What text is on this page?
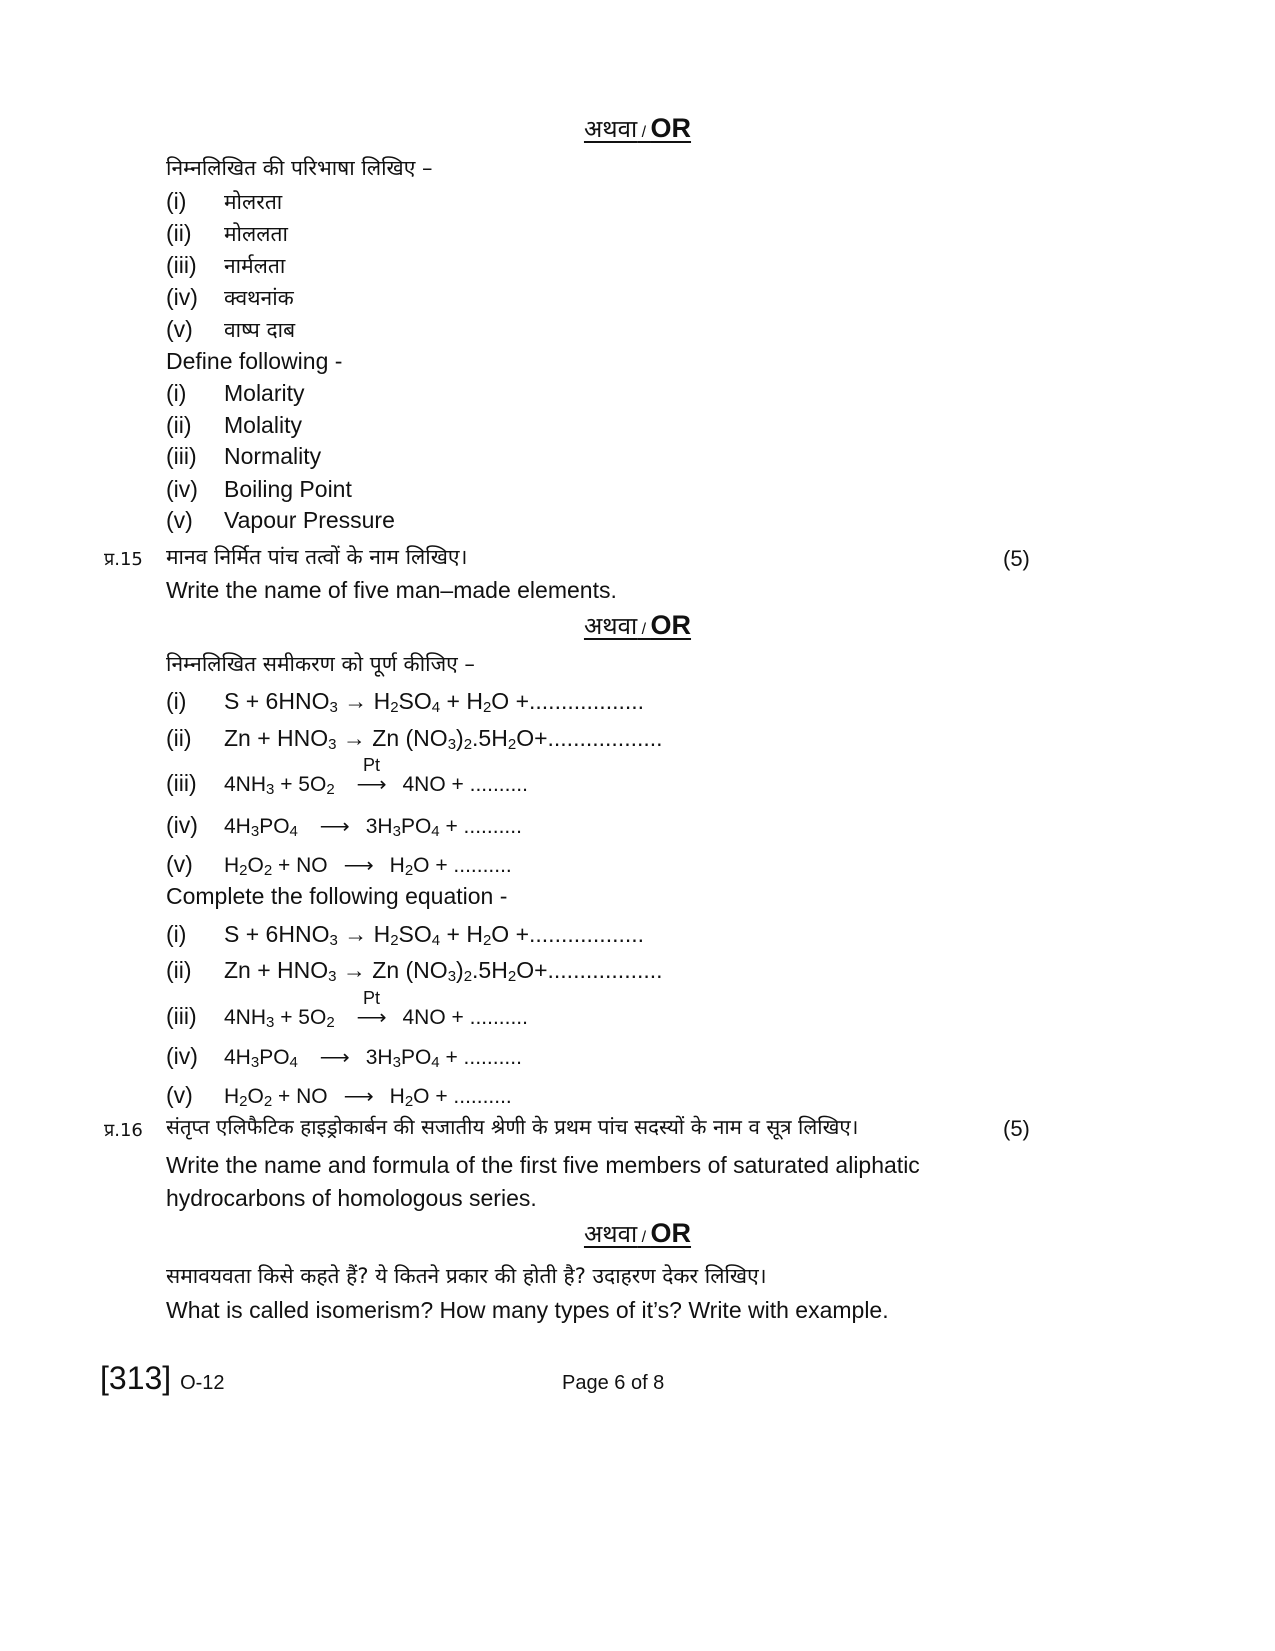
अथवा / OR
निम्नलिखित की परिभाषा लिखिए –
(i) मोलरता
(ii) मोललता
(iii) नार्मलता
(iv) क्वथनांक
(v) वाष्प दाब
Define following -
(i) Molarity
(ii) Molality
(iii) Normality
(iv) Boiling Point
(v) Vapour Pressure
प्र.15 मानव निर्मित पांच तत्वों के नाम लिखिए।	(5)
Write the name of five man–made elements.
अथवा / OR
निम्नलिखित समीकरण को पूर्ण कीजिए –
(i) $S + 6HNO_3 \to H_2SO_4 + H_2O$ +..................
(ii) $Zn + HNO_3 \to Zn$ $(NO_3)_2.5H_2O+$..................
(iii) $4NH_3 + 5O_2$
Pt
⟶ 4NO + ..........
(iv) $4H_3PO_4$ ⟶ $3H_3PO_4$ + ..........
(v) $H_2O_2$ + NO ⟶ $H_2O$ + ..........
Complete the following equation -
(i) $S + 6HNO_3 \to H_2SO_4 + H_2O$ +..................
(ii) $Zn + HNO_3 \to Zn$ $(NO_3)_2.5H_2O+$..................
(iii) $4NH_3 + 5O_2$
Pt
⟶ 4NO + ..........
(iv) $4H_3PO_4$ ⟶ $3H_3PO_4$ + ..........
(v) $H_2O_2$ + NO ⟶ $H_2O$ + ..........
प्र.16 संतृप्त एलिफैटिक हाइड्रोकार्बन की सजातीय श्रेणी के प्रथम पांच सदस्यों के नाम व सूत्र लिखिए।	(5)
Write the name and formula of the first five members of saturated aliphatic
hydrocarbons of homologous series.
अथवा / OR
समावयवता किसे कहते हैं? ये कितने प्रकार की होती है? उदाहरण देकर लिखिए।
What is called isomerism? How many types of it’s? Write with example.
[313] O-12	Page 6 of 8
